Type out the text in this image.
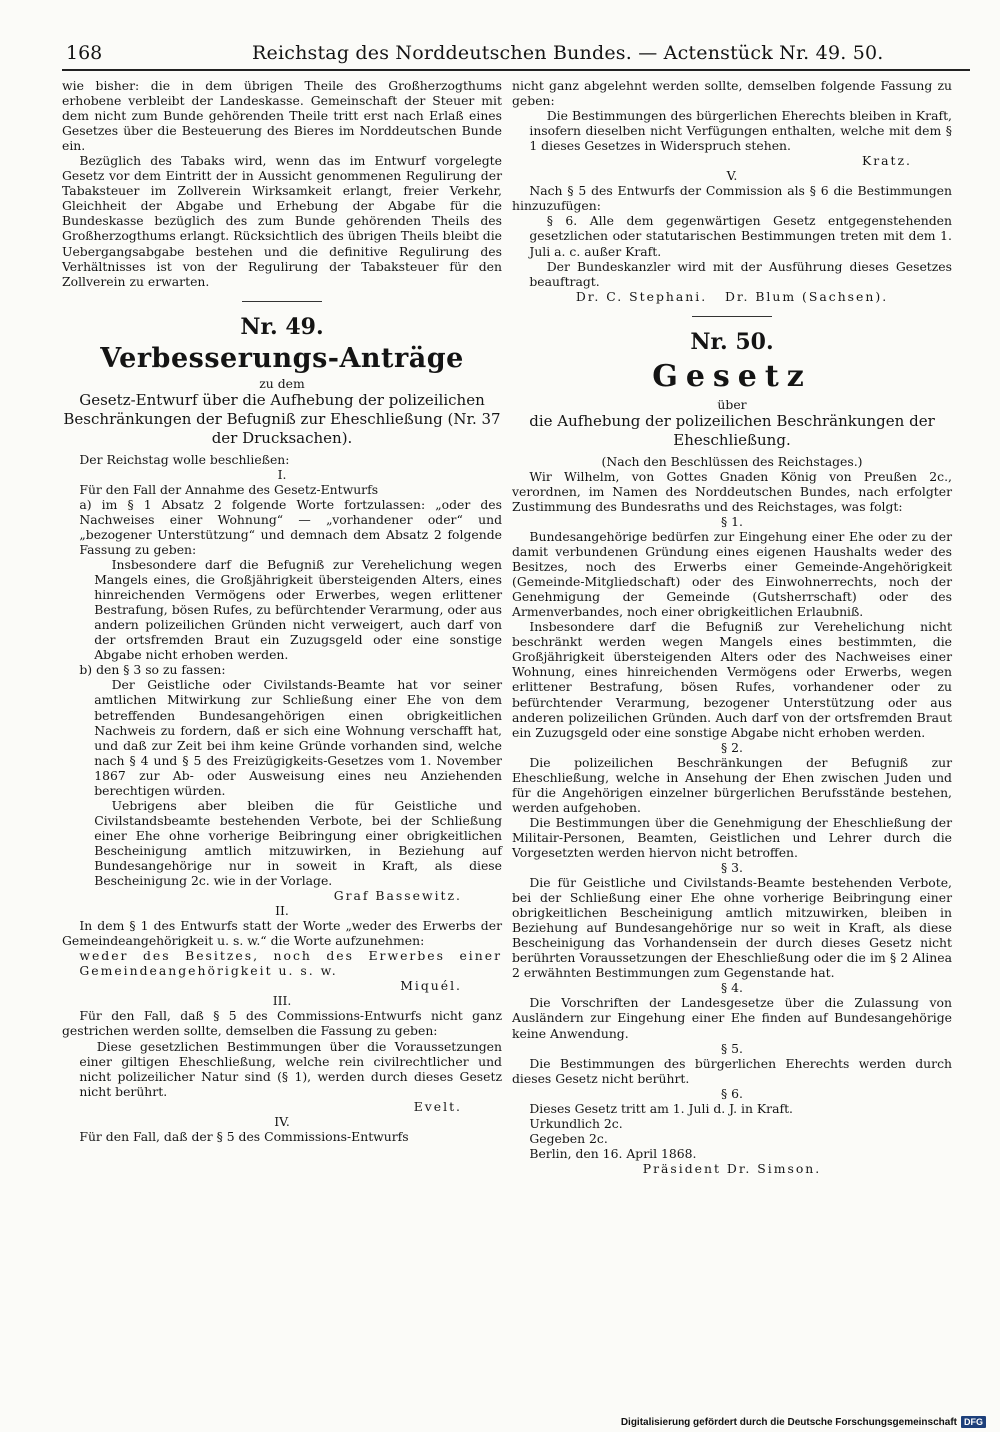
168	Reichstag des Norddeutschen Bundes. — Actenstück Nr. 49. 50.

wie bisher: die in dem übrigen Theile des Großherzogthums erhobene verbleibt der Landeskasse. Gemeinschaft der Steuer mit dem nicht zum Bunde gehörenden Theile tritt erst nach Erlaß eines Gesetzes über die Besteuerung des Bieres im Norddeutschen Bunde ein.

Bezüglich des Tabaks wird, wenn das im Entwurf vorgelegte Gesetz vor dem Eintritt der in Aussicht genommenen Regulirung der Tabaksteuer im Zollverein Wirksamkeit erlangt, freier Verkehr, Gleichheit der Abgabe und Erhebung der Abgabe für die Bundeskasse bezüglich des zum Bunde gehörenden Theils des Großherzogthums erlangt. Rücksichtlich des übrigen Theils bleibt die Uebergangsabgabe bestehen und die definitive Regulirung des Verhältnisses ist von der Regulirung der Tabaksteuer für den Zollverein zu erwarten.

Nr. 49.
Verbesserungs-Anträge
zu dem
Gesetz-Entwurf über die Aufhebung der polizeilichen Beschränkungen der Befugniß zur Eheschließung (Nr. 37 der Drucksachen).

Der Reichstag wolle beschließen:

I.

Für den Fall der Annahme des Gesetz-Entwurfs

a) im § 1 Absatz 2 folgende Worte fortzulassen: „oder des Nachweises einer Wohnung“ — „vorhandener oder“ und „bezogener Unterstützung“ und demnach dem Absatz 2 folgende Fassung zu geben:

Insbesondere darf die Befugniß zur Verehelichung wegen Mangels eines, die Großjährigkeit übersteigenden Alters, eines hinreichenden Vermögens oder Erwerbes, wegen erlittener Bestrafung, bösen Rufes, zu befürchtender Verarmung, oder aus andern polizeilichen Gründen nicht verweigert, auch darf von der ortsfremden Braut ein Zuzugsgeld oder eine sonstige Abgabe nicht erhoben werden.

b) den § 3 so zu fassen:

Der Geistliche oder Civilstands-Beamte hat vor seiner amtlichen Mitwirkung zur Schließung einer Ehe von dem betreffenden Bundesangehörigen einen obrigkeitlichen Nachweis zu fordern, daß er sich eine Wohnung verschafft hat, und daß zur Zeit bei ihm keine Gründe vorhanden sind, welche nach § 4 und § 5 des Freizügigkeits-Gesetzes vom 1. November 1867 zur Ab- oder Ausweisung eines neu Anziehenden berechtigen würden.

Uebrigens aber bleiben die für Geistliche und Civilstandsbeamte bestehenden Verbote, bei der Schließung einer Ehe ohne vorherige Beibringung einer obrigkeitlichen Bescheinigung amtlich mitzuwirken, in Beziehung auf Bundesangehörige nur in soweit in Kraft, als diese Bescheinigung 2c. wie in der Vorlage.

Graf Bassewitz.
II.

In dem § 1 des Entwurfs statt der Worte „weder des Erwerbs der Gemeindeangehörigkeit u. s. w.“ die Worte aufzunehmen:

weder des Besitzes, noch des Erwerbes einer Gemeindeangehörigkeit u. s. w.

Miquél.
III.

Für den Fall, daß § 5 des Commissions-Entwurfs nicht ganz gestrichen werden sollte, demselben die Fassung zu geben:

Diese gesetzlichen Bestimmungen über die Voraussetzungen einer giltigen Eheschließung, welche rein civilrechtlicher und nicht polizeilicher Natur sind (§ 1), werden durch dieses Gesetz nicht berührt.

Evelt.
IV.

Für den Fall, daß der § 5 des Commissions-Entwurfs

nicht ganz abgelehnt werden sollte, demselben folgende Fassung zu geben:

Die Bestimmungen des bürgerlichen Eherechts bleiben in Kraft, insofern dieselben nicht Verfügungen enthalten, welche mit dem § 1 dieses Gesetzes in Widerspruch stehen.

Kratz.
V.

Nach § 5 des Entwurfs der Commission als § 6 die Bestimmungen hinzuzufügen:

§ 6. Alle dem gegenwärtigen Gesetz entgegenstehenden gesetzlichen oder statutarischen Bestimmungen treten mit dem 1. Juli a. c. außer Kraft.

Der Bundeskanzler wird mit der Ausführung dieses Gesetzes beauftragt.

Dr. C. Stephani.   Dr. Blum (Sachsen).
Nr. 50.
Gesetz
über
die Aufhebung der polizeilichen Beschränkungen der Eheschließung.
(Nach den Beschlüssen des Reichstages.)

Wir Wilhelm, von Gottes Gnaden König von Preußen 2c., verordnen, im Namen des Norddeutschen Bundes, nach erfolgter Zustimmung des Bundesraths und des Reichstages, was folgt:

§ 1.

Bundesangehörige bedürfen zur Eingehung einer Ehe oder zu der damit verbundenen Gründung eines eigenen Haushalts weder des Besitzes, noch des Erwerbs einer Gemeinde-Angehörigkeit (Gemeinde-Mitgliedschaft) oder des Einwohnerrechts, noch der Genehmigung der Gemeinde (Gutsherrschaft) oder des Armenverbandes, noch einer obrigkeitlichen Erlaubniß.

Insbesondere darf die Befugniß zur Verehelichung nicht beschränkt werden wegen Mangels eines bestimmten, die Großjährigkeit übersteigenden Alters oder des Nachweises einer Wohnung, eines hinreichenden Vermögens oder Erwerbs, wegen erlittener Bestrafung, bösen Rufes, vorhandener oder zu befürchtender Verarmung, bezogener Unterstützung oder aus anderen polizeilichen Gründen. Auch darf von der ortsfremden Braut ein Zuzugsgeld oder eine sonstige Abgabe nicht erhoben werden.

§ 2.

Die polizeilichen Beschränkungen der Befugniß zur Eheschließung, welche in Ansehung der Ehen zwischen Juden und für die Angehörigen einzelner bürgerlichen Berufsstände bestehen, werden aufgehoben.

Die Bestimmungen über die Genehmigung der Eheschließung der Militair-Personen, Beamten, Geistlichen und Lehrer durch die Vorgesetzten werden hiervon nicht betroffen.

§ 3.

Die für Geistliche und Civilstands-Beamte bestehenden Verbote, bei der Schließung einer Ehe ohne vorherige Beibringung einer obrigkeitlichen Bescheinigung amtlich mitzuwirken, bleiben in Beziehung auf Bundesangehörige nur so weit in Kraft, als diese Bescheinigung das Vorhandensein der durch dieses Gesetz nicht berührten Voraussetzungen der Eheschließung oder die im § 2 Alinea 2 erwähnten Bestimmungen zum Gegenstande hat.

§ 4.

Die Vorschriften der Landesgesetze über die Zulassung von Ausländern zur Eingehung einer Ehe finden auf Bundesangehörige keine Anwendung.

§ 5.

Die Bestimmungen des bürgerlichen Eherechts werden durch dieses Gesetz nicht berührt.

§ 6.

Dieses Gesetz tritt am 1. Juli d. J. in Kraft.

Urkundlich 2c.

Gegeben 2c.

Berlin, den 16. April 1868.

Präsident Dr. Simson.
Digitalisierung gefördert durch die Deutsche Forschungsgemeinschaft DFG
